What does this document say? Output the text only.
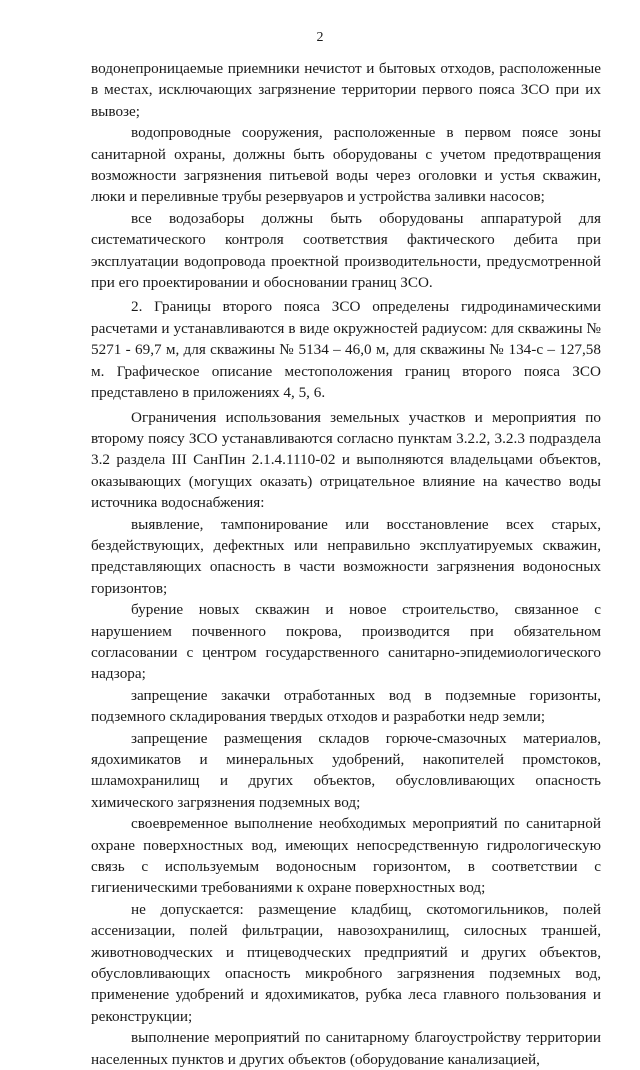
2

водонепроницаемые приемники нечистот и бытовых отходов, расположенные в местах, исключающих загрязнение территории первого пояса ЗСО при их вывозе;

водопроводные сооружения, расположенные в первом поясе зоны санитарной охраны, должны быть оборудованы с учетом предотвращения возможности загрязнения питьевой воды через оголовки и устья скважин, люки и переливные трубы резервуаров и устройства заливки насосов;

все водозаборы должны быть оборудованы аппаратурой для систематического контроля соответствия фактического дебита при эксплуатации водопровода проектной производительности, предусмотренной при его проектировании и обосновании границ ЗСО.

2. Границы второго пояса ЗСО определены гидродинамическими расчетами и устанавливаются в виде окружностей радиусом: для скважины № 5271 - 69,7 м, для скважины № 5134 – 46,0 м, для скважины № 134-с – 127,58 м. Графическое описание местоположения границ второго пояса ЗСО представлено в приложениях 4, 5, 6.

Ограничения использования земельных участков и мероприятия по второму поясу ЗСО устанавливаются согласно пунктам 3.2.2, 3.2.3 подраздела 3.2 раздела III СанПин 2.1.4.1110-02 и выполняются владельцами объектов, оказывающих (могущих оказать) отрицательное влияние на качество воды источника водоснабжения:

выявление, тампонирование или восстановление всех старых, бездействующих, дефектных или неправильно эксплуатируемых скважин, представляющих опасность в части возможности загрязнения водоносных горизонтов;

бурение новых скважин и новое строительство, связанное с нарушением почвенного покрова, производится при обязательном согласовании с центром государственного санитарно-эпидемиологического надзора;

запрещение закачки отработанных вод в подземные горизонты, подземного складирования твердых отходов и разработки недр земли;

запрещение размещения складов горюче-смазочных материалов, ядохимикатов и минеральных удобрений, накопителей промстоков, шламохранилищ и других объектов, обусловливающих опасность химического загрязнения подземных вод;

своевременное выполнение необходимых мероприятий по санитарной охране поверхностных вод, имеющих непосредственную гидрологическую связь с используемым водоносным горизонтом, в соответствии с гигиеническими требованиями к охране поверхностных вод;

не допускается: размещение кладбищ, скотомогильников, полей ассенизации, полей фильтрации, навозохранилищ, силосных траншей, животноводческих и птицеводческих предприятий и других объектов, обусловливающих опасность микробного загрязнения подземных вод, применение удобрений и ядохимикатов, рубка леса главного пользования и реконструкции;

выполнение мероприятий по санитарному благоустройству территории населенных пунктов и других объектов (оборудование канализацией,
